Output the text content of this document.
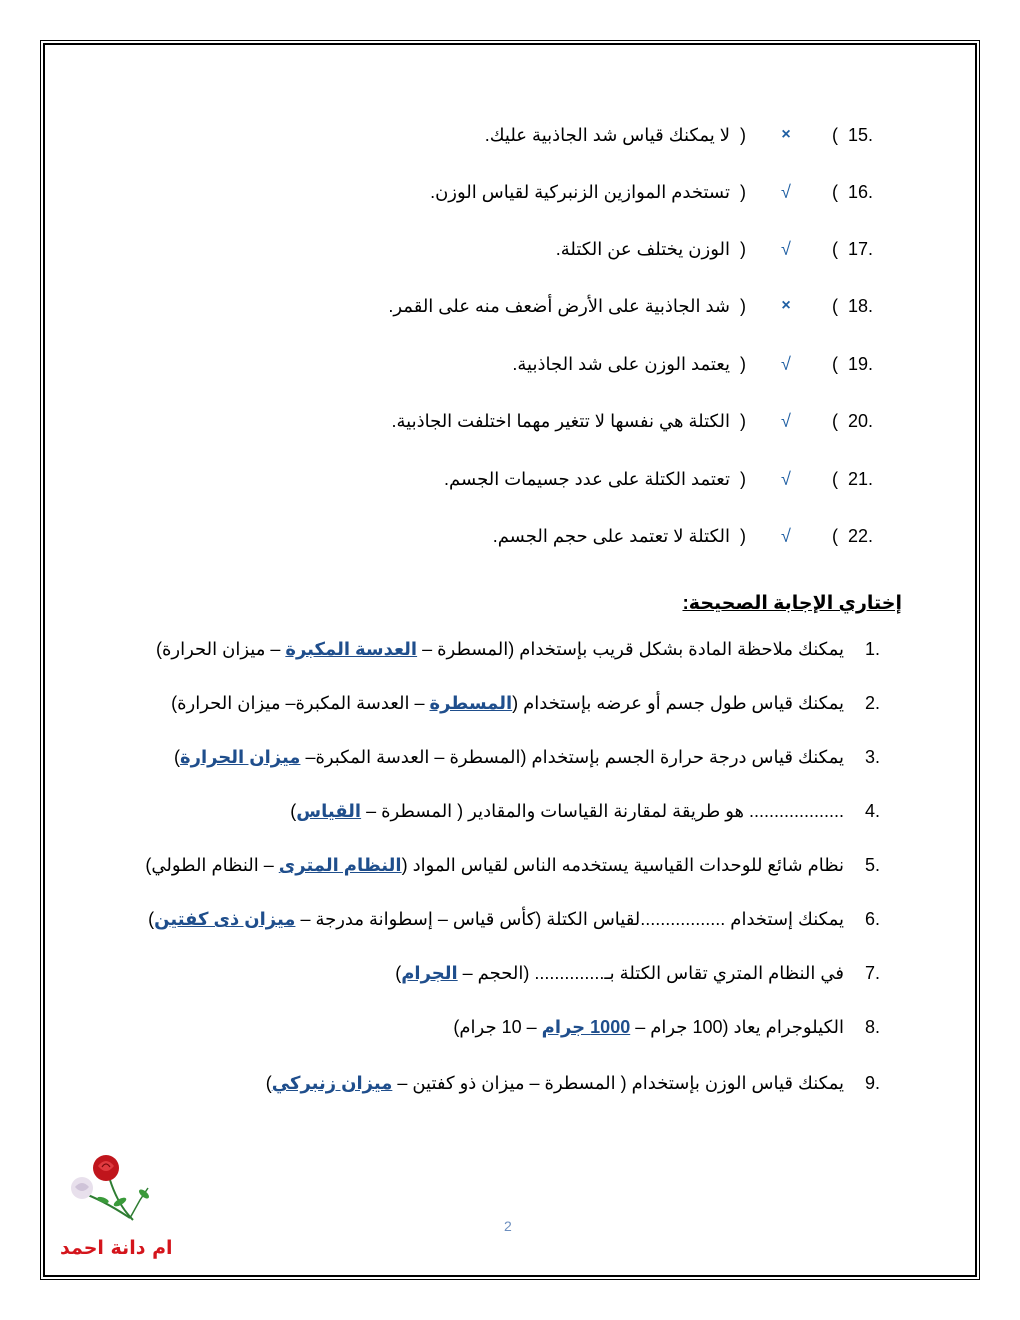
15.
(
×
)
لا يمكنك قياس شد الجاذبية عليك.
16.
(
√
)
تستخدم الموازين الزنبركية لقياس الوزن.
17.
(
√
)
الوزن يختلف عن الكتلة.
18.
(
×
)
شد الجاذبية على الأرض أضعف منه على القمر.
19.
(
√
)
يعتمد الوزن على شد الجاذبية.
20.
(
√
)
الكتلة هي نفسها لا تتغير مهما اختلفت الجاذبية.
21.
(
√
)
تعتمد الكتلة على عدد جسيمات الجسم.
22.
(
√
)
الكتلة لا تعتمد على حجم الجسم.
إختاري الإجابة الصحيحة:
1.يمكنك ملاحظة المادة بشكل قريب بإستخدام (المسطرة – العدسة المكبرة – ميزان الحرارة)
2.يمكنك قياس طول جسم أو عرضه بإستخدام (المسطرة – العدسة المكبرة– ميزان الحرارة)
3.يمكنك قياس درجة حرارة الجسم بإستخدام (المسطرة – العدسة المكبرة– ميزان الحرارة)
4.................... هو طريقة لمقارنة القياسات والمقادير ( المسطرة – القياس)
5.نظام شائع للوحدات القياسية يستخدمه الناس لقياس المواد (النظام المترى – النظام الطولي)
6.يمكنك إستخدام .................لقياس الكتلة (كأس قياس – إسطوانة مدرجة – ميزان ذى كفتين)
7.في النظام المتري تقاس الكتلة بـ.............. (الحجم – الجرام)
8.الكيلوجرام يعاد (100 جرام – 1000 جرام – 10 جرام)
9.يمكنك قياس الوزن بإستخدام ( المسطرة – ميزان ذو كفتين – ميزان زنبركي)
ام دانة احمد
2
